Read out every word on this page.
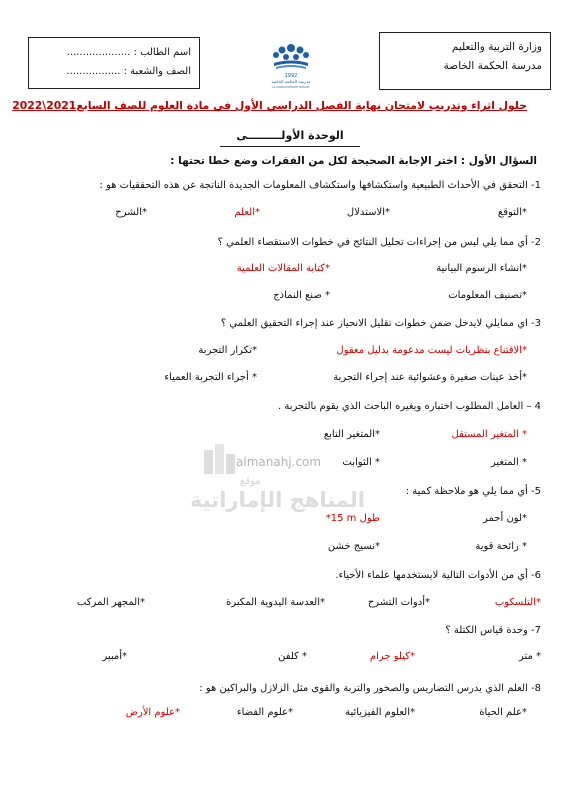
وزارة التربية والتعليم
مدرسة الحكمة الخاصة
1992
مدرسة الحكمة الخاصة
AL HIKMAH PRIVATE SCHOOL
اسم الطالب : ....................
الصف والشعبة : .................
حلول اثراء وتدريب لامتحان نهاية الفصل الدراسي الأول في مادة العلوم للصف السابع2021\2022
الوحدة الأولـــــــــى
السؤال الأول : اختر الإجابة الصحيحة لكل من الفقرات وضع خطا تحتها :
1- التحقق في الأحداث الطبيعية واستكشافها واستكشاف المعلومات الجديدة الناتجة عن هذه التحققيات هو :
*التوقع
*الاستدلال
*العلم
*الشرح
2- أي مما يلي ليس من إجراءات تحليل النتائج في خطوات الاستقصاء العلمي ؟
*انشاء الرسوم البيانية
*كتابة المقالات العلمية
*تصنيف المعلومات
* صنع النماذج
3- اي ممايلي لايدخل ضمن خطوات تقليل الانحياز عند إجراء التحقيق العلمي ؟
*الاقتناع بنظريات ليست مدعومة بدليل معقول
*تكرار التجربة
*أخذ عينات صغيرة وعشوائية عند إجراء التجربة
* أجراء التجربة العمياء
4 – العامل المطلوب اختباره ويغيره الباحث الذي يقوم بالتجربة .
* المتغير المستقل
*المتغير التابع
* المتغير
* الثوابت
5- أي مما يلي هو ملاحظة كمية :
*لون أحمر
*15 m طول
* رائحة قوية
*نسيج خشن
6- أي من الأدوات التالية لايستخدمها علماء الأحياء.
*التلسكوب
*أدوات التشرح
*العدسة اليدوية المكبرة
*المجهر المركب
7- وحدة قياس الكتلة ؟
* متر
*كيلو جرام
* كلفن
*أمبير
8- العلم الذي يدرس التضاريس والصخور والتربة والقوى مثل الزلازل والبراكين هو :
*علم الحياة
*العلوم الفيزيائية
*علوم الفضاء
*علوم الأرض
almanahj.com
موقع
المناهج الإماراتية
